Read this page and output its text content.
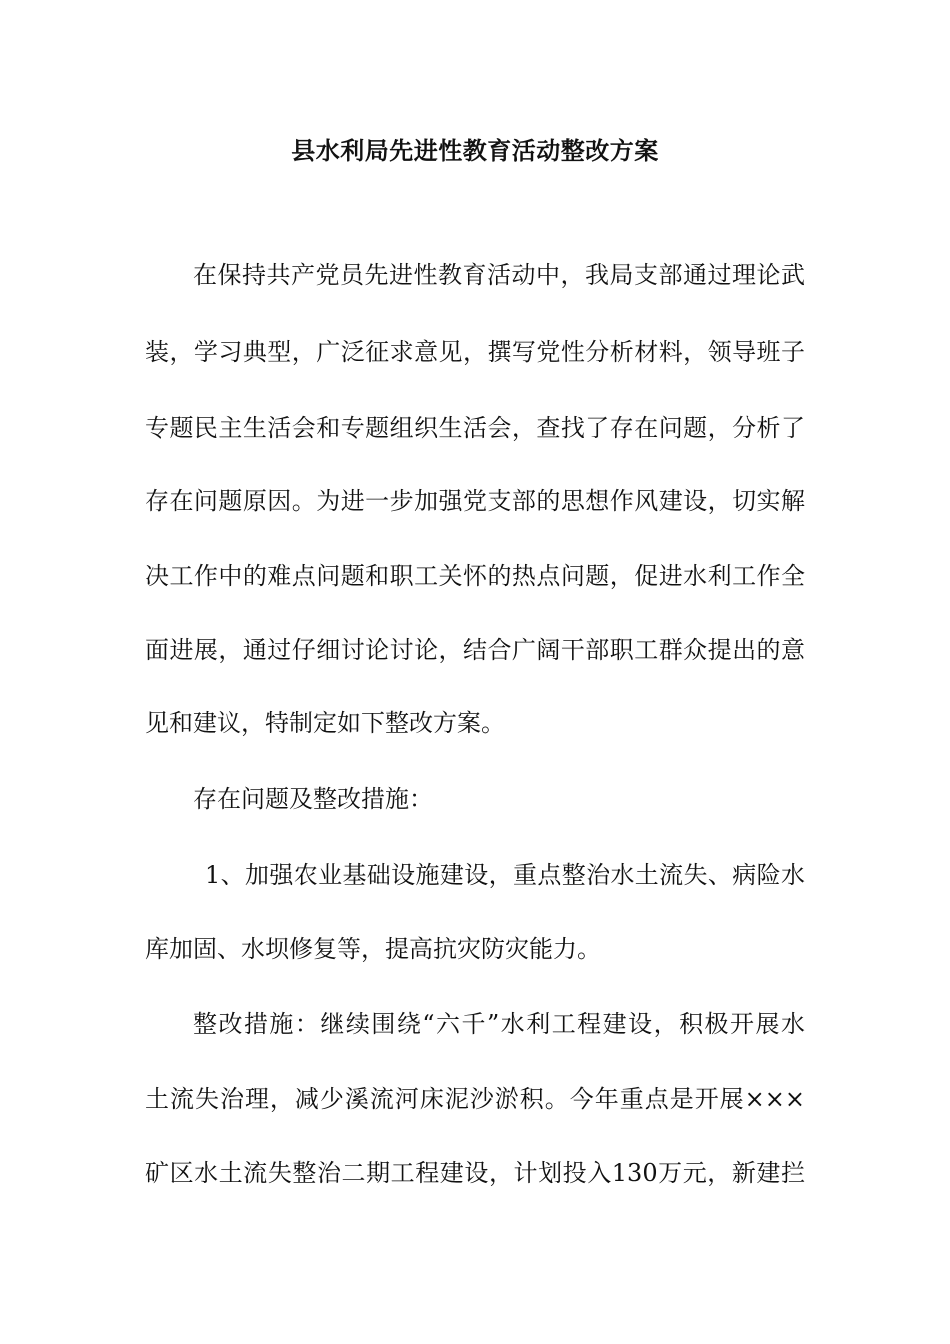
县水利局先进性教育活动整改方案
在保持共产党员先进性教育活动中，我局支部通过理论武
装，学习典型，广泛征求意见，撰写党性分析材料，领导班子
专题民主生活会和专题组织生活会，查找了存在问题，分析了
存在问题原因。为进一步加强党支部的思想作风建设，切实解
决工作中的难点问题和职工关怀的热点问题，促进水利工作全
面进展，通过仔细讨论讨论，结合广阔干部职工群众提出的意
见和建议，特制定如下整改方案。
存在问题及整改措施：
1、加强农业基础设施建设，重点整治水土流失、病险水
库加固、水坝修复等，提高抗灾防灾能力。
整改措施：继续围绕“六千”水利工程建设，积极开展水
土流失治理，减少溪流河床泥沙淤积。今年重点是开展×××
矿区水土流失整治二期工程建设，计划投入130万元，新建拦
